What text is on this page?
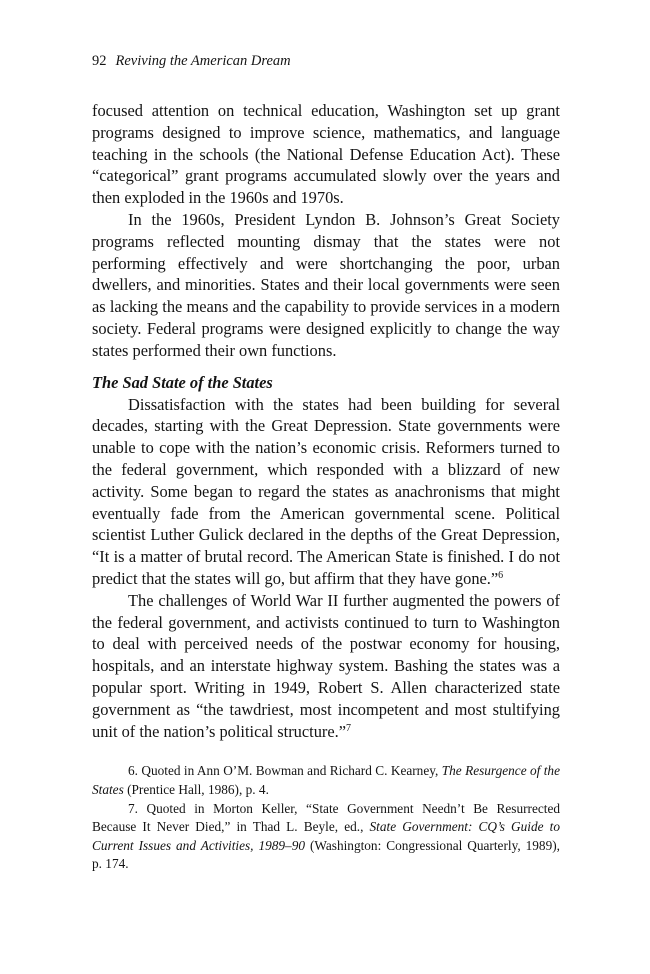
92 Reviving the American Dream

focused attention on technical education, Washington set up grant programs designed to improve science, mathematics, and language teaching in the schools (the National Defense Education Act). These “categorical” grant programs accumulated slowly over the years and then exploded in the 1960s and 1970s.

In the 1960s, President Lyndon B. Johnson’s Great Society programs reflected mounting dismay that the states were not performing effectively and were shortchanging the poor, urban dwellers, and minorities. States and their local governments were seen as lacking the means and the capability to provide services in a modern society. Federal programs were designed explicitly to change the way states performed their own functions.

The Sad State of the States

Dissatisfaction with the states had been building for several decades, starting with the Great Depression. State governments were unable to cope with the nation’s economic crisis. Reformers turned to the federal government, which responded with a blizzard of new activity. Some began to regard the states as anachronisms that might eventually fade from the American governmental scene. Political scientist Luther Gulick declared in the depths of the Great Depression, “It is a matter of brutal record. The American State is finished. I do not predict that the states will go, but affirm that they have gone.”$^6$

The challenges of World War II further augmented the powers of the federal government, and activists continued to turn to Washington to deal with perceived needs of the postwar economy for housing, hospitals, and an interstate highway system. Bashing the states was a popular sport. Writing in 1949, Robert S. Allen characterized state government as “the tawdriest, most incompetent and most stultifying unit of the nation’s political structure.”$^7$

6. Quoted in Ann O’M. Bowman and Richard C. Kearney, The Resurgence of the States (Prentice Hall, 1986), p. 4.

7. Quoted in Morton Keller, “State Government Needn’t Be Resurrected Because It Never Died,” in Thad L. Beyle, ed., State Government: CQ’s Guide to Current Issues and Activities, 1989–90 (Washington: Congressional Quarterly, 1989), p. 174.
